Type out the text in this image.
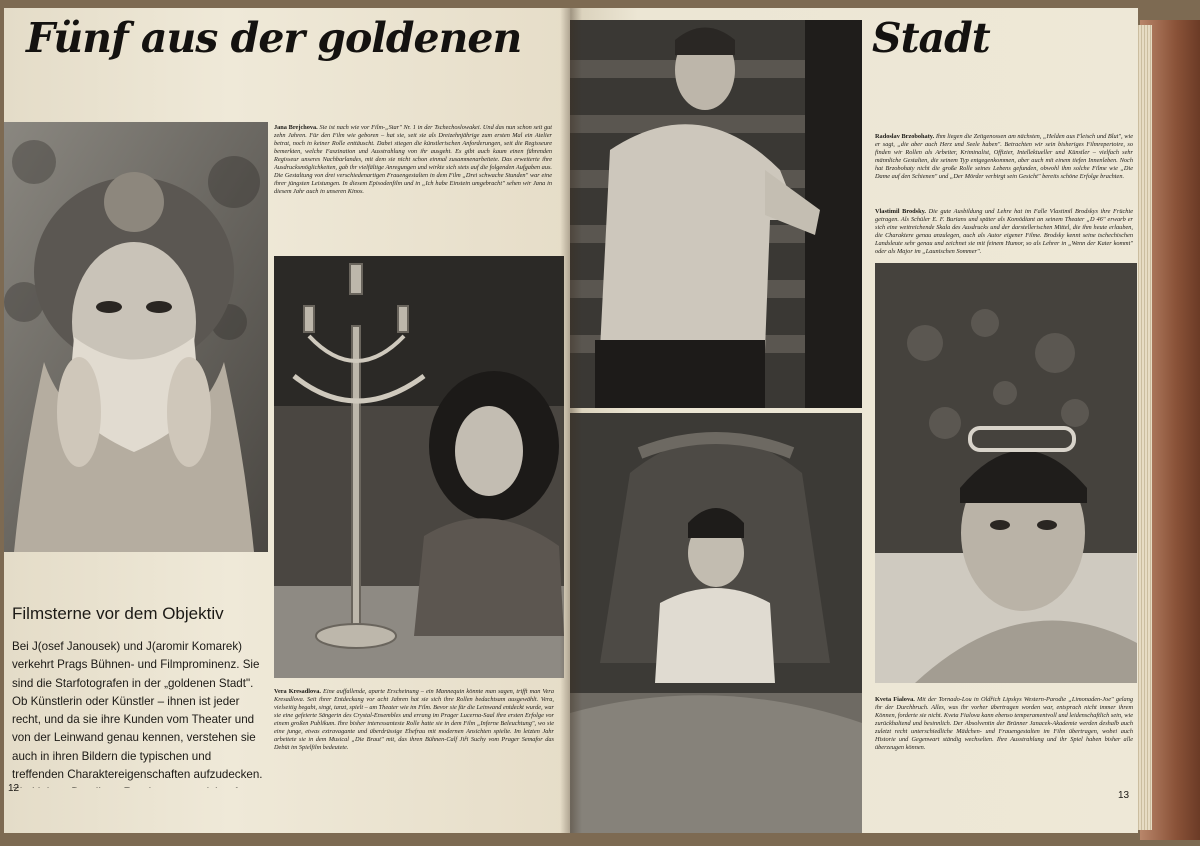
Fünf aus der goldenen
Jana Brejchova. Sie ist nach wie vor Film-„Star" Nr. 1 in der Tschechoslowakei. Und das nun schon seit gut zehn Jahren. Für den Film wie geboren – hat sie, seit sie als Dreizehnjährige zum ersten Mal ein Atelier betrat, noch in keiner Rolle enttäuscht. Dabei stiegen die künstlerischen Anforderungen, seit die Regisseure bemerkten, welche Faszination und Ausstrahlung von ihr ausgeht. Es gibt auch kaum einen führenden Regisseur unseres Nachbarlandes, mit dem sie nicht schon einmal zusammenarbeitete. Das erweiterte ihre Ausdrucksmöglichkeiten, gab ihr vielfältige Anregungen und wirkte sich stets auf die folgenden Aufgaben aus. Die Gestaltung von drei verschiedenartigen Frauengestalten in dem Film „Drei schwache Stunden" war eine ihrer jüngsten Leistungen. In diesem Episodenfilm und in „Ich habe Einstein umgebracht" sehen wir Jana in diesem Jahr auch in unseren Kinos.
Vera Kresadlova. Eine auffallende, aparte Erscheinung – ein Mannequin könnte man sagen, trifft man Vera Kresadlova. Seit ihrer Entdeckung vor acht Jahren hat sie sich ihre Rollen bedachtsam ausgewählt. Vera, vielseitig begabt, singt, tanzt, spielt – am Theater wie im Film. Bevor sie für die Leinwand entdeckt wurde, war sie eine gefeierte Sängerin des Crystal-Ensembles und errang im Prager Lucerna-Saal ihre ersten Erfolge vor einem großen Publikum. Ihre bisher interessanteste Rolle hatte sie in dem Film „Inferne Beleuchtung", wo sie eine junge, etwas extravagante und überdrüssige Ehefrau mit modernen Ansichten spielte. Im letzten Jahr arbeitete sie in dem Musical „Die Braut" mit, das ihren Bühnen-Calf Jiři Suchy vom Prager Semafor das Debüt im Spielfilm bedeutete.
Filmsterne vor dem Objektiv
Bei J(osef Janousek) und J(aromir Komarek) verkehrt Prags Bühnen- und Filmprominenz. Sie sind die Starfotografen in der „goldenen Stadt". Ob Künstlerin oder Künstler – ihnen ist jeder recht, und da sie ihre Kunden vom Theater und von der Leinwand genau kennen, verstehen sie auch in ihren Bildern die typischen und treffenden Charaktereigenschaften aufzudecken.
12
Stadt
Radoslav Brzobohaty. Ihm liegen die Zeitgenossen am nächsten, „Helden aus Fleisch und Blut", wie er sagt, „die aber auch Herz und Seele haben". Betrachten wir sein bisheriges Filmrepertoire, so finden wir Rollen als Arbeiter, Kriminalist, Offizier, Intellektueller und Künstler – vielfach sehr männliche Gestalten, die seinem Typ entgegenkommen, aber auch mit einem tiefen Innenleben. Noch hat Brzobohaty nicht die große Rolle seines Lebens gefunden, obwohl ihm solche Filme wie „Die Dame auf den Schienen" und „Der Mörder verbirgt sein Gesicht" bereits schöne Erfolge brachten.
Vlastimil Brodsky. Die gute Ausbildung und Lehre hat im Falle Vlastimil Brodskys ihre Früchte getragen. Als Schüler E. F. Burians und später als Komödiant an seinem Theater „D 46" erwarb er sich eine weitreichende Skala des Ausdrucks und der darstellerischen Mittel, die ihm heute erlauben, die Charaktere genau anzulegen, auch als Autor eigener Filme. Brodsky kennt seine tschechischen Landsleute sehr genau und zeichnet sie mit feinem Humor, so als Lehrer in „Wenn der Kater kommt" oder als Major im „Launischen Sommer".
Kveta Fialova. Mit der Tornado-Lou in Oldřich Lipskys Western-Parodie „Limonaden-Joe" gelang ihr der Durchbruch. Alles, was ihr vorher übertragen worden war, entsprach nicht immer ihrem Können, forderte sie nicht. Kveta Fialova kann ebenso temperamentvoll und leidenschaftlich sein, wie zurückhaltend und besinnlich. Der Absolventin der Brünner Janacek-Akademie werden deshalb auch zuletzt recht unterschiedliche Mädchen- und Frauengestalten im Film übertragen, wobei auch Historie und Gegenwart ständig wechselten. Ihre Ausstrahlung und ihr Spiel haben bisher alle überzeugen können.
13
